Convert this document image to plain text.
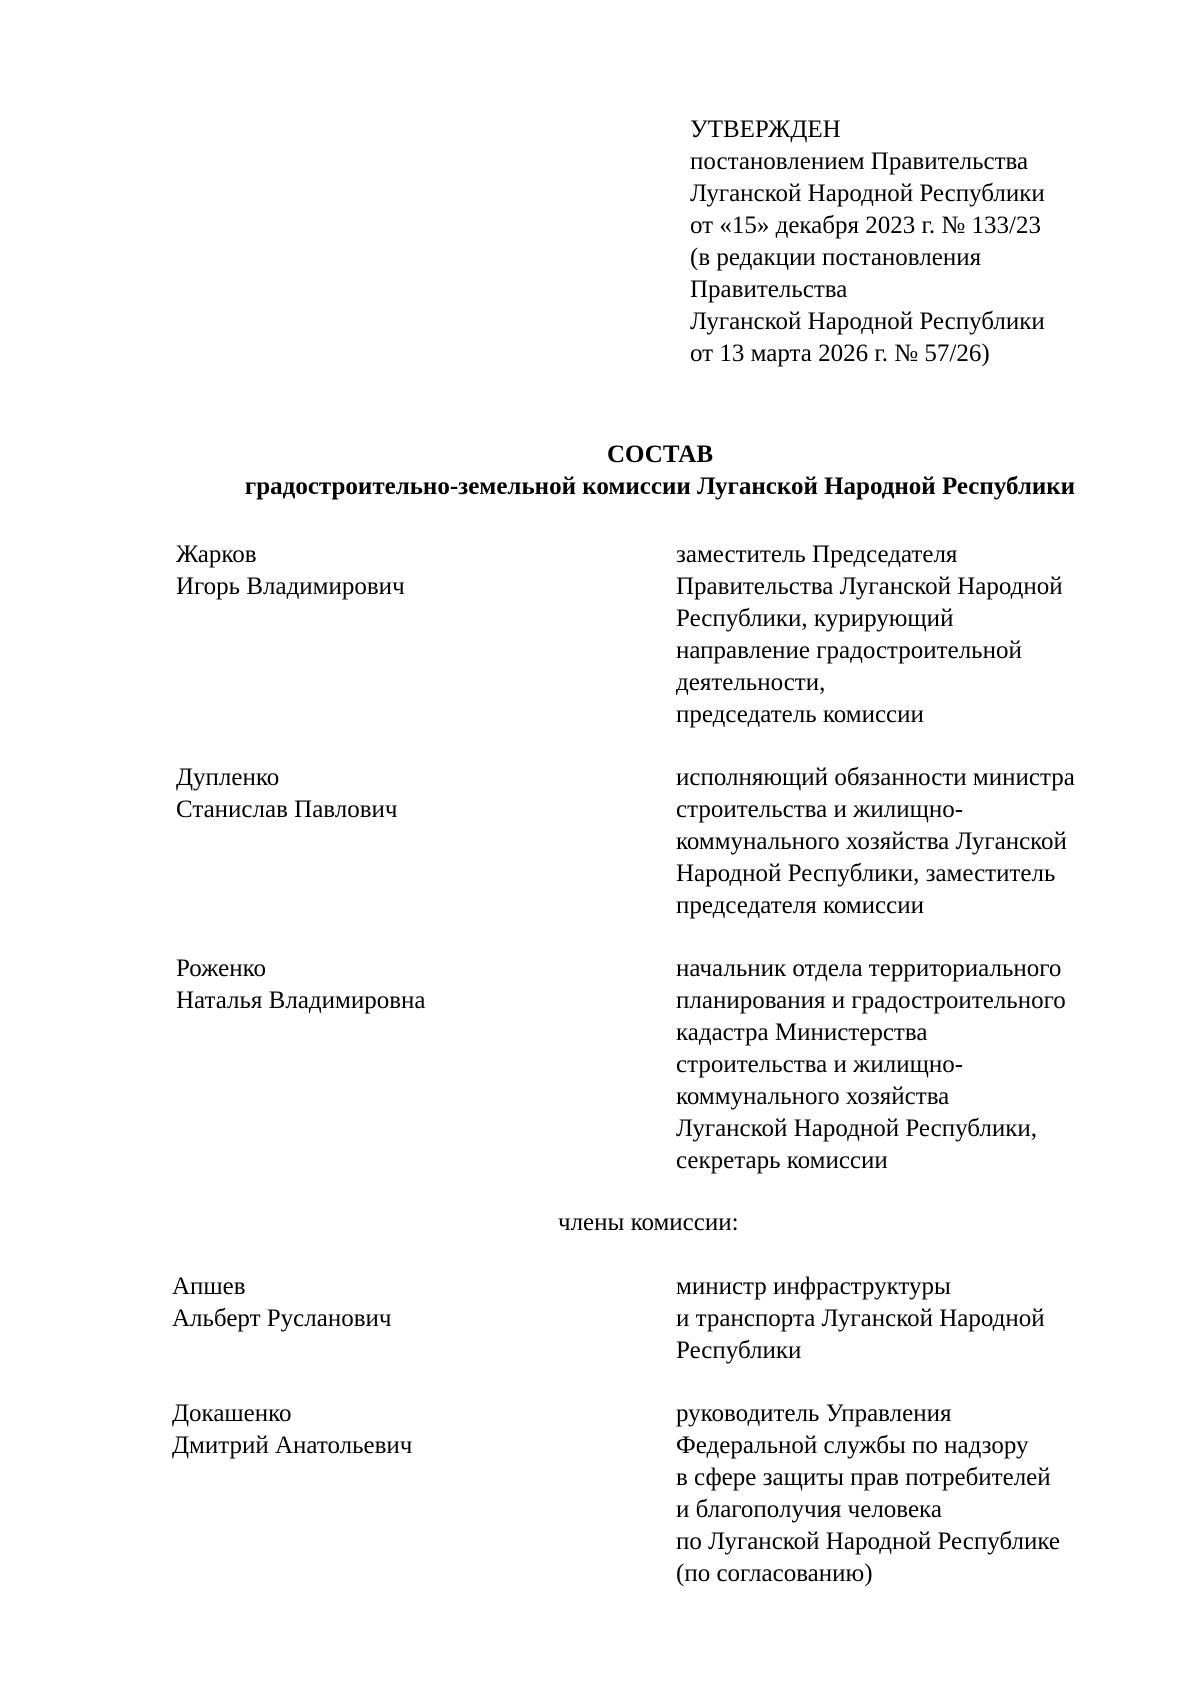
УТВЕРЖДЕН
постановлением Правительства
Луганской Народной Республики
от «15» декабря 2023 г. № 133/23
(в редакции постановления
Правительства
Луганской Народной Республики
от 13 марта 2026 г. № 57/26)
СОСТАВ
градостроительно-земельной комиссии Луганской Народной Республики
Жарков
Игорь Владимирович
заместитель Председателя
Правительства Луганской Народной
Республики, курирующий
направление градостроительной
деятельности,
председатель комиссии
Дупленко
Станислав Павлович
исполняющий обязанности министра
строительства и жилищно-
коммунального хозяйства Луганской
Народной Республики, заместитель
председателя комиссии
Роженко
Наталья Владимировна
начальник отдела территориального
планирования и градостроительного
кадастра Министерства
строительства и жилищно-
коммунального хозяйства
Луганской Народной Республики,
секретарь комиссии
члены комиссии:
Апшев
Альберт Русланович
министр инфраструктуры
и транспорта Луганской Народной
Республики
Докашенко
Дмитрий Анатольевич
руководитель Управления
Федеральной службы по надзору
в сфере защиты прав потребителей
и благополучия человека
по Луганской Народной Республике
(по согласованию)
